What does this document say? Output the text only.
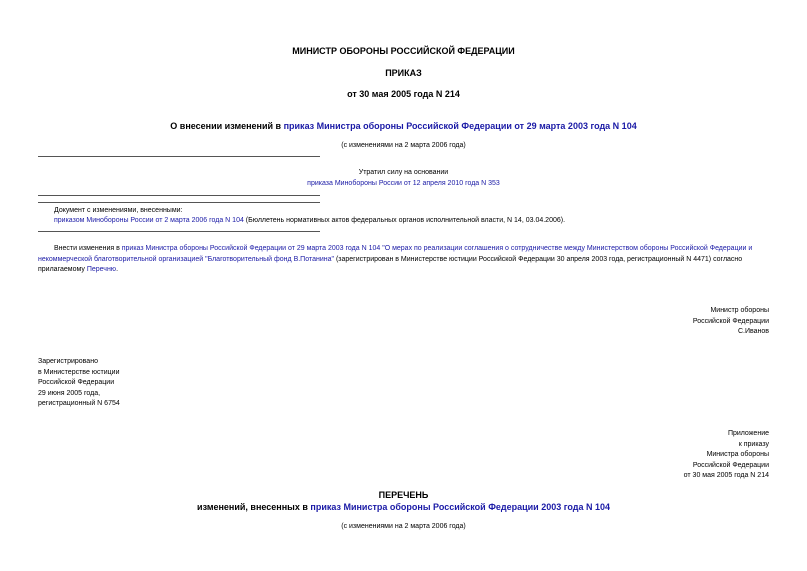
МИНИСТР ОБОРОНЫ РОССИЙСКОЙ ФЕДЕРАЦИИ
ПРИКАЗ
от 30 мая 2005 года N 214
О внесении изменений в приказ Министра обороны Российской Федерации от 29 марта 2003 года N 104
(с изменениями на 2 марта 2006 года)
Утратил силу на основании
приказа Минобороны России от 12 апреля 2010 года N 353
Документ с изменениями, внесенными:
приказом Минобороны России от 2 марта 2006 года N 104 (Бюллетень нормативных актов федеральных органов исполнительной власти, N 14, 03.04.2006).
Внести изменения в приказ Министра обороны Российской Федерации от 29 марта 2003 года N 104 "О мерах по реализации соглашения о сотрудничестве между Министерством обороны Российской Федерации и некоммерческой благотворительной организацией "Благотворительный фонд В.Потанина" (зарегистрирован в Министерстве юстиции Российской Федерации 30 апреля 2003 года, регистрационный N 4471) согласно прилагаемому Перечню.
Министр обороны
Российской Федерации
С.Иванов
Зарегистрировано
в Министерстве юстиции
Российской Федерации
29 июня 2005 года,
регистрационный N 6754
Приложение
к приказу
Министра обороны
Российской Федерации
от 30 мая 2005 года N 214
ПЕРЕЧЕНЬ
изменений, внесенных в приказ Министра обороны Российской Федерации 2003 года N 104
(с изменениями на 2 марта 2006 года)
